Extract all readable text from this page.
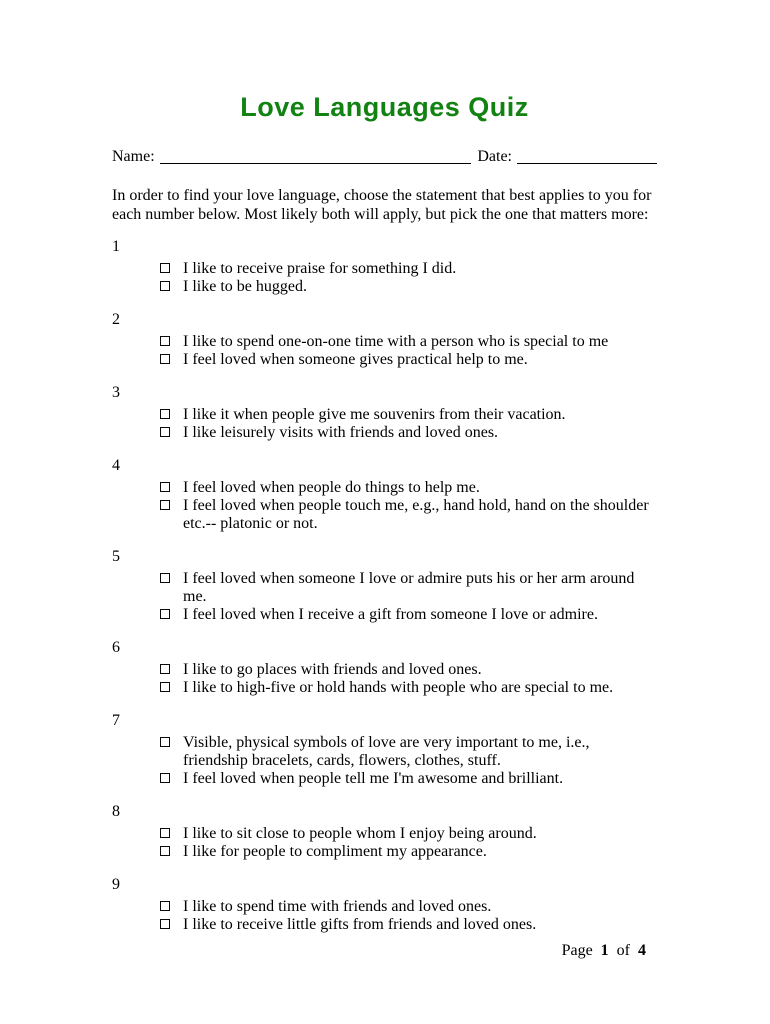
Love Languages Quiz
Name:	Date:

In order to find your love language, choose the statement that best applies to you for each number below. Most likely both will apply, but pick the one that matters more:

1
I like to receive praise for something I did.
I like to be hugged.
2
I like to spend one-on-one time with a person who is special to me
I feel loved when someone gives practical help to me.
3
I like it when people give me souvenirs from their vacation.
I like leisurely visits with friends and loved ones.
4
I feel loved when people do things to help me.
I feel loved when people touch me, e.g., hand hold, hand on the shoulder etc.-- platonic or not.
5
I feel loved when someone I love or admire puts his or her arm around me.
I feel loved when I receive a gift from someone I love or admire.
6
I like to go places with friends and loved ones.
I like to high-five or hold hands with people who are special to me.
7
Visible, physical symbols of love are very important to me, i.e., friendship bracelets, cards, flowers, clothes, stuff.
I feel loved when people tell me I'm awesome and brilliant.
8
I like to sit close to people whom I enjoy being around.
I like for people to compliment my appearance.
9
I like to spend time with friends and loved ones.
I like to receive little gifts from friends and loved ones.
Page 1 of 4
